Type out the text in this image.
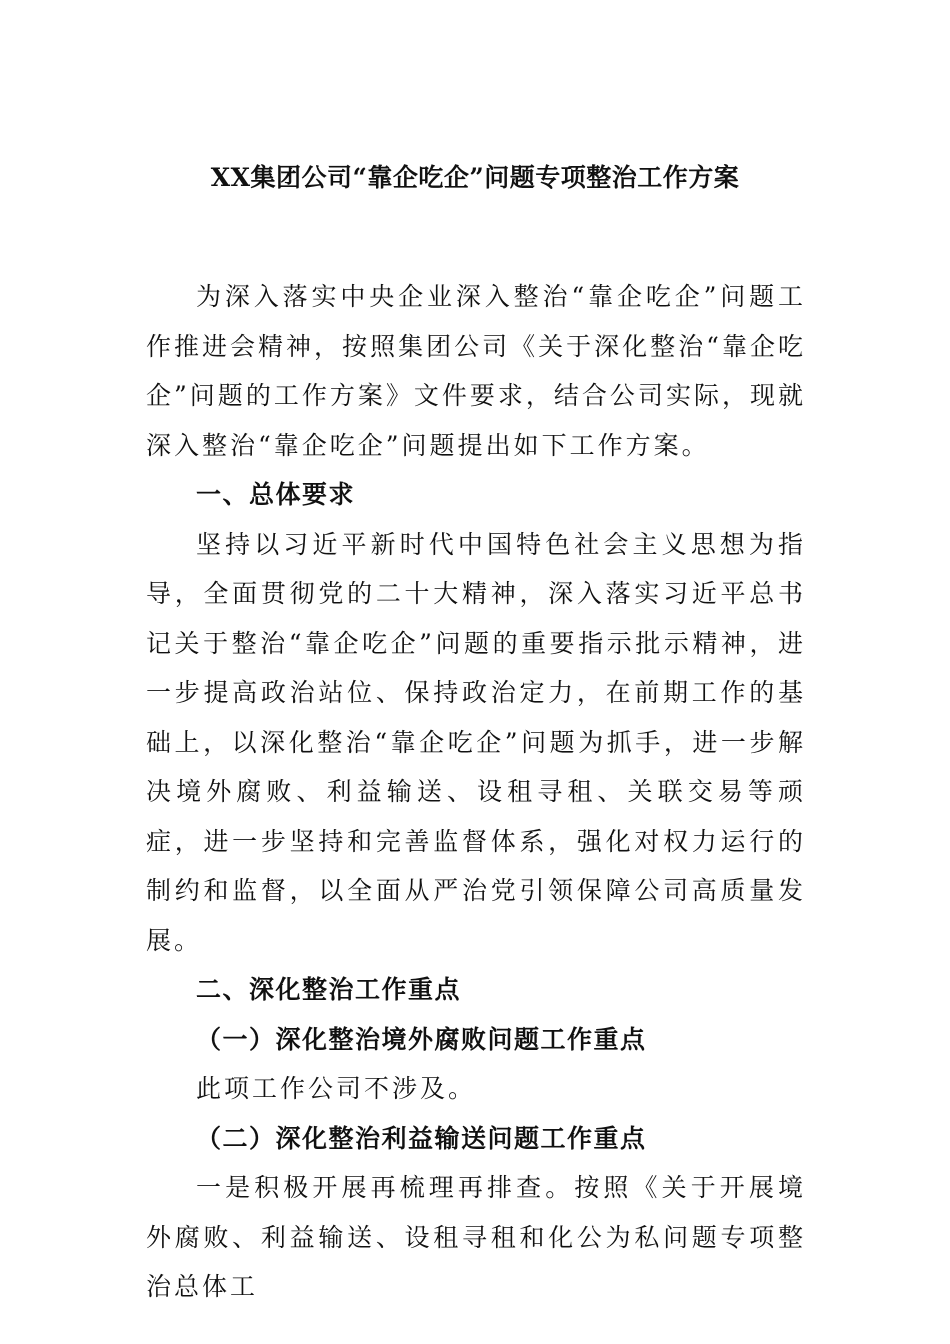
XX集团公司“靠企吃企”问题专项整治工作方案

为深入落实中央企业深入整治“靠企吃企”问题工作推进会精神，按照集团公司《关于深化整治“靠企吃企”问题的工作方案》文件要求，结合公司实际，现就深入整治“靠企吃企”问题提出如下工作方案。

一、总体要求

坚持以习近平新时代中国特色社会主义思想为指导，全面贯彻党的二十大精神，深入落实习近平总书记关于整治“靠企吃企”问题的重要指示批示精神，进一步提高政治站位、保持政治定力，在前期工作的基础上，以深化整治“靠企吃企”问题为抓手，进一步解决境外腐败、利益输送、设租寻租、关联交易等顽症，进一步坚持和完善监督体系，强化对权力运行的制约和监督，以全面从严治党引领保障公司高质量发展。

二、深化整治工作重点

（一）深化整治境外腐败问题工作重点

此项工作公司不涉及。

（二）深化整治利益输送问题工作重点

一是积极开展再梳理再排查。按照《关于开展境外腐败、利益输送、设租寻租和化公为私问题专项整治总体工
